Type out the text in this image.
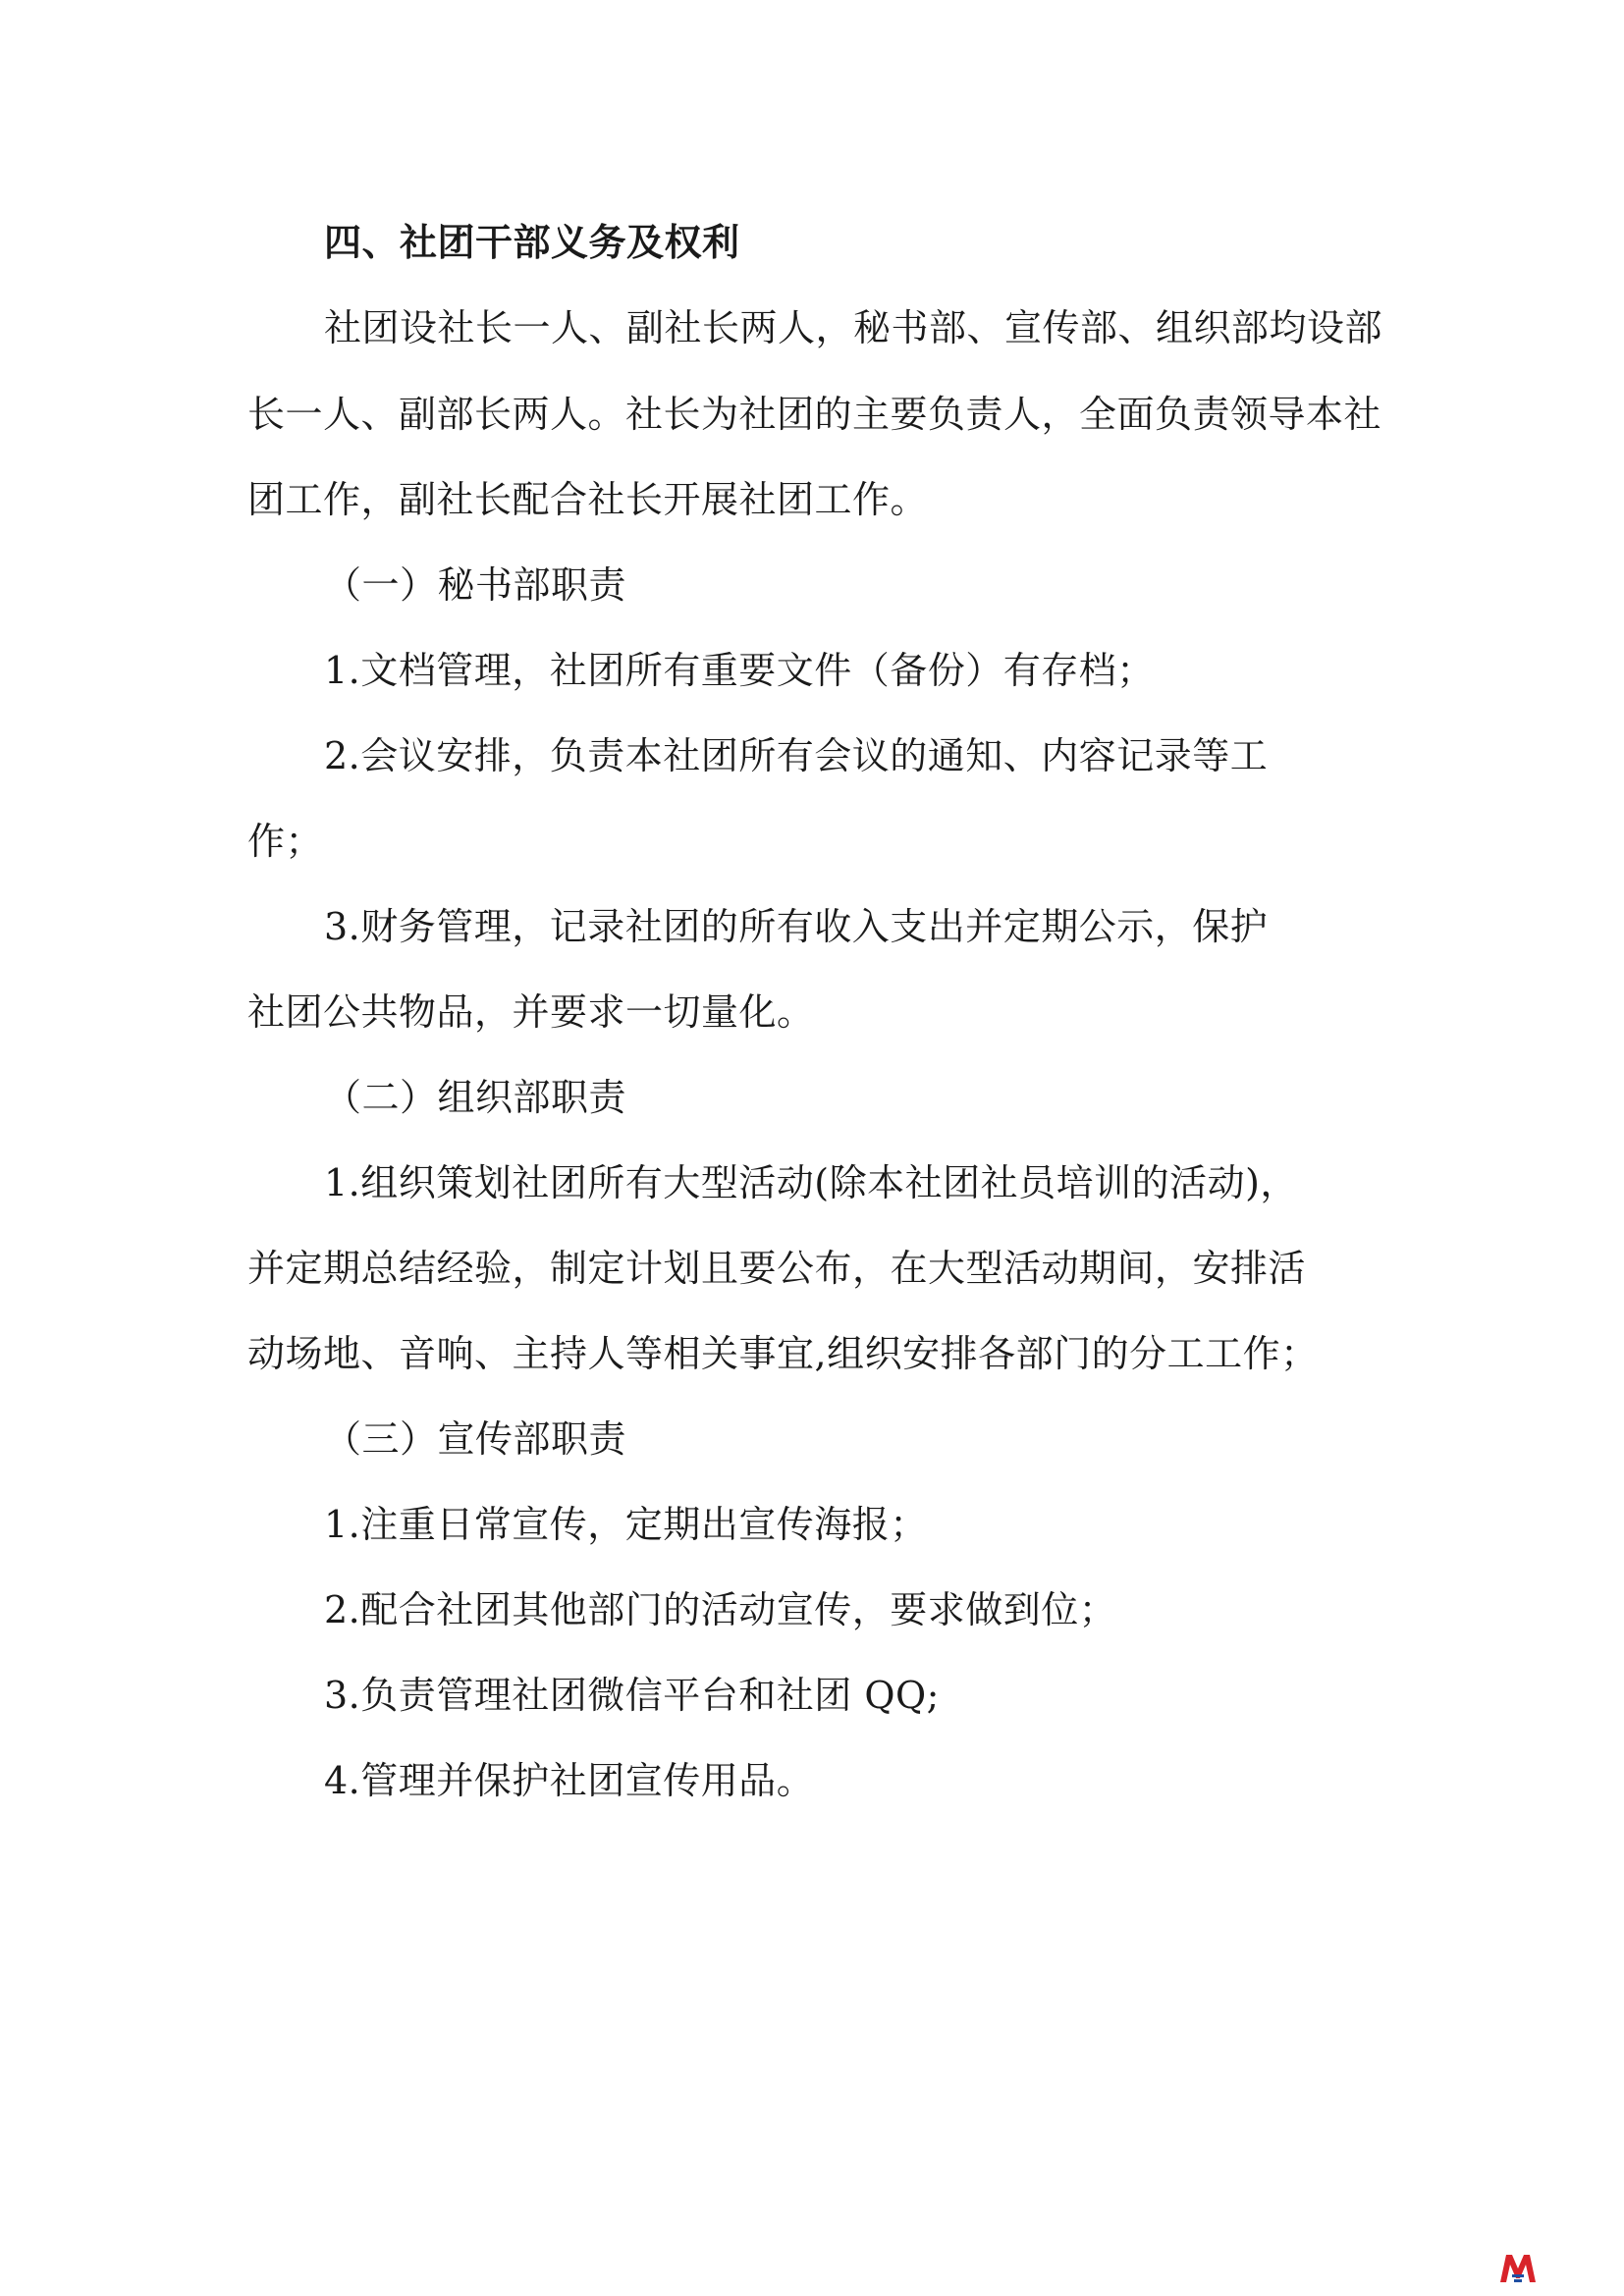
四、社团干部义务及权利
社团设社长一人、副社长两人，秘书部、宣传部、组织部均设部
长一人、副部长两人。社长为社团的主要负责人，全面负责领导本社
团工作，副社长配合社长开展社团工作。
（一）秘书部职责
1.文档管理，社团所有重要文件（备份）有存档；
2.会议安排，负责本社团所有会议的通知、内容记录等工
作；
3.财务管理，记录社团的所有收入支出并定期公示，保护
社团公共物品，并要求一切量化。
（二）组织部职责
1.组织策划社团所有大型活动(除本社团社员培训的活动)，
并定期总结经验，制定计划且要公布，在大型活动期间，安排活
动场地、音响、主持人等相关事宜,组织安排各部门的分工工作；
（三）宣传部职责
1.注重日常宣传，定期出宣传海报；
2.配合社团其他部门的活动宣传，要求做到位；
3.负责管理社团微信平台和社团 QQ;
4.管理并保护社团宣传用品。
